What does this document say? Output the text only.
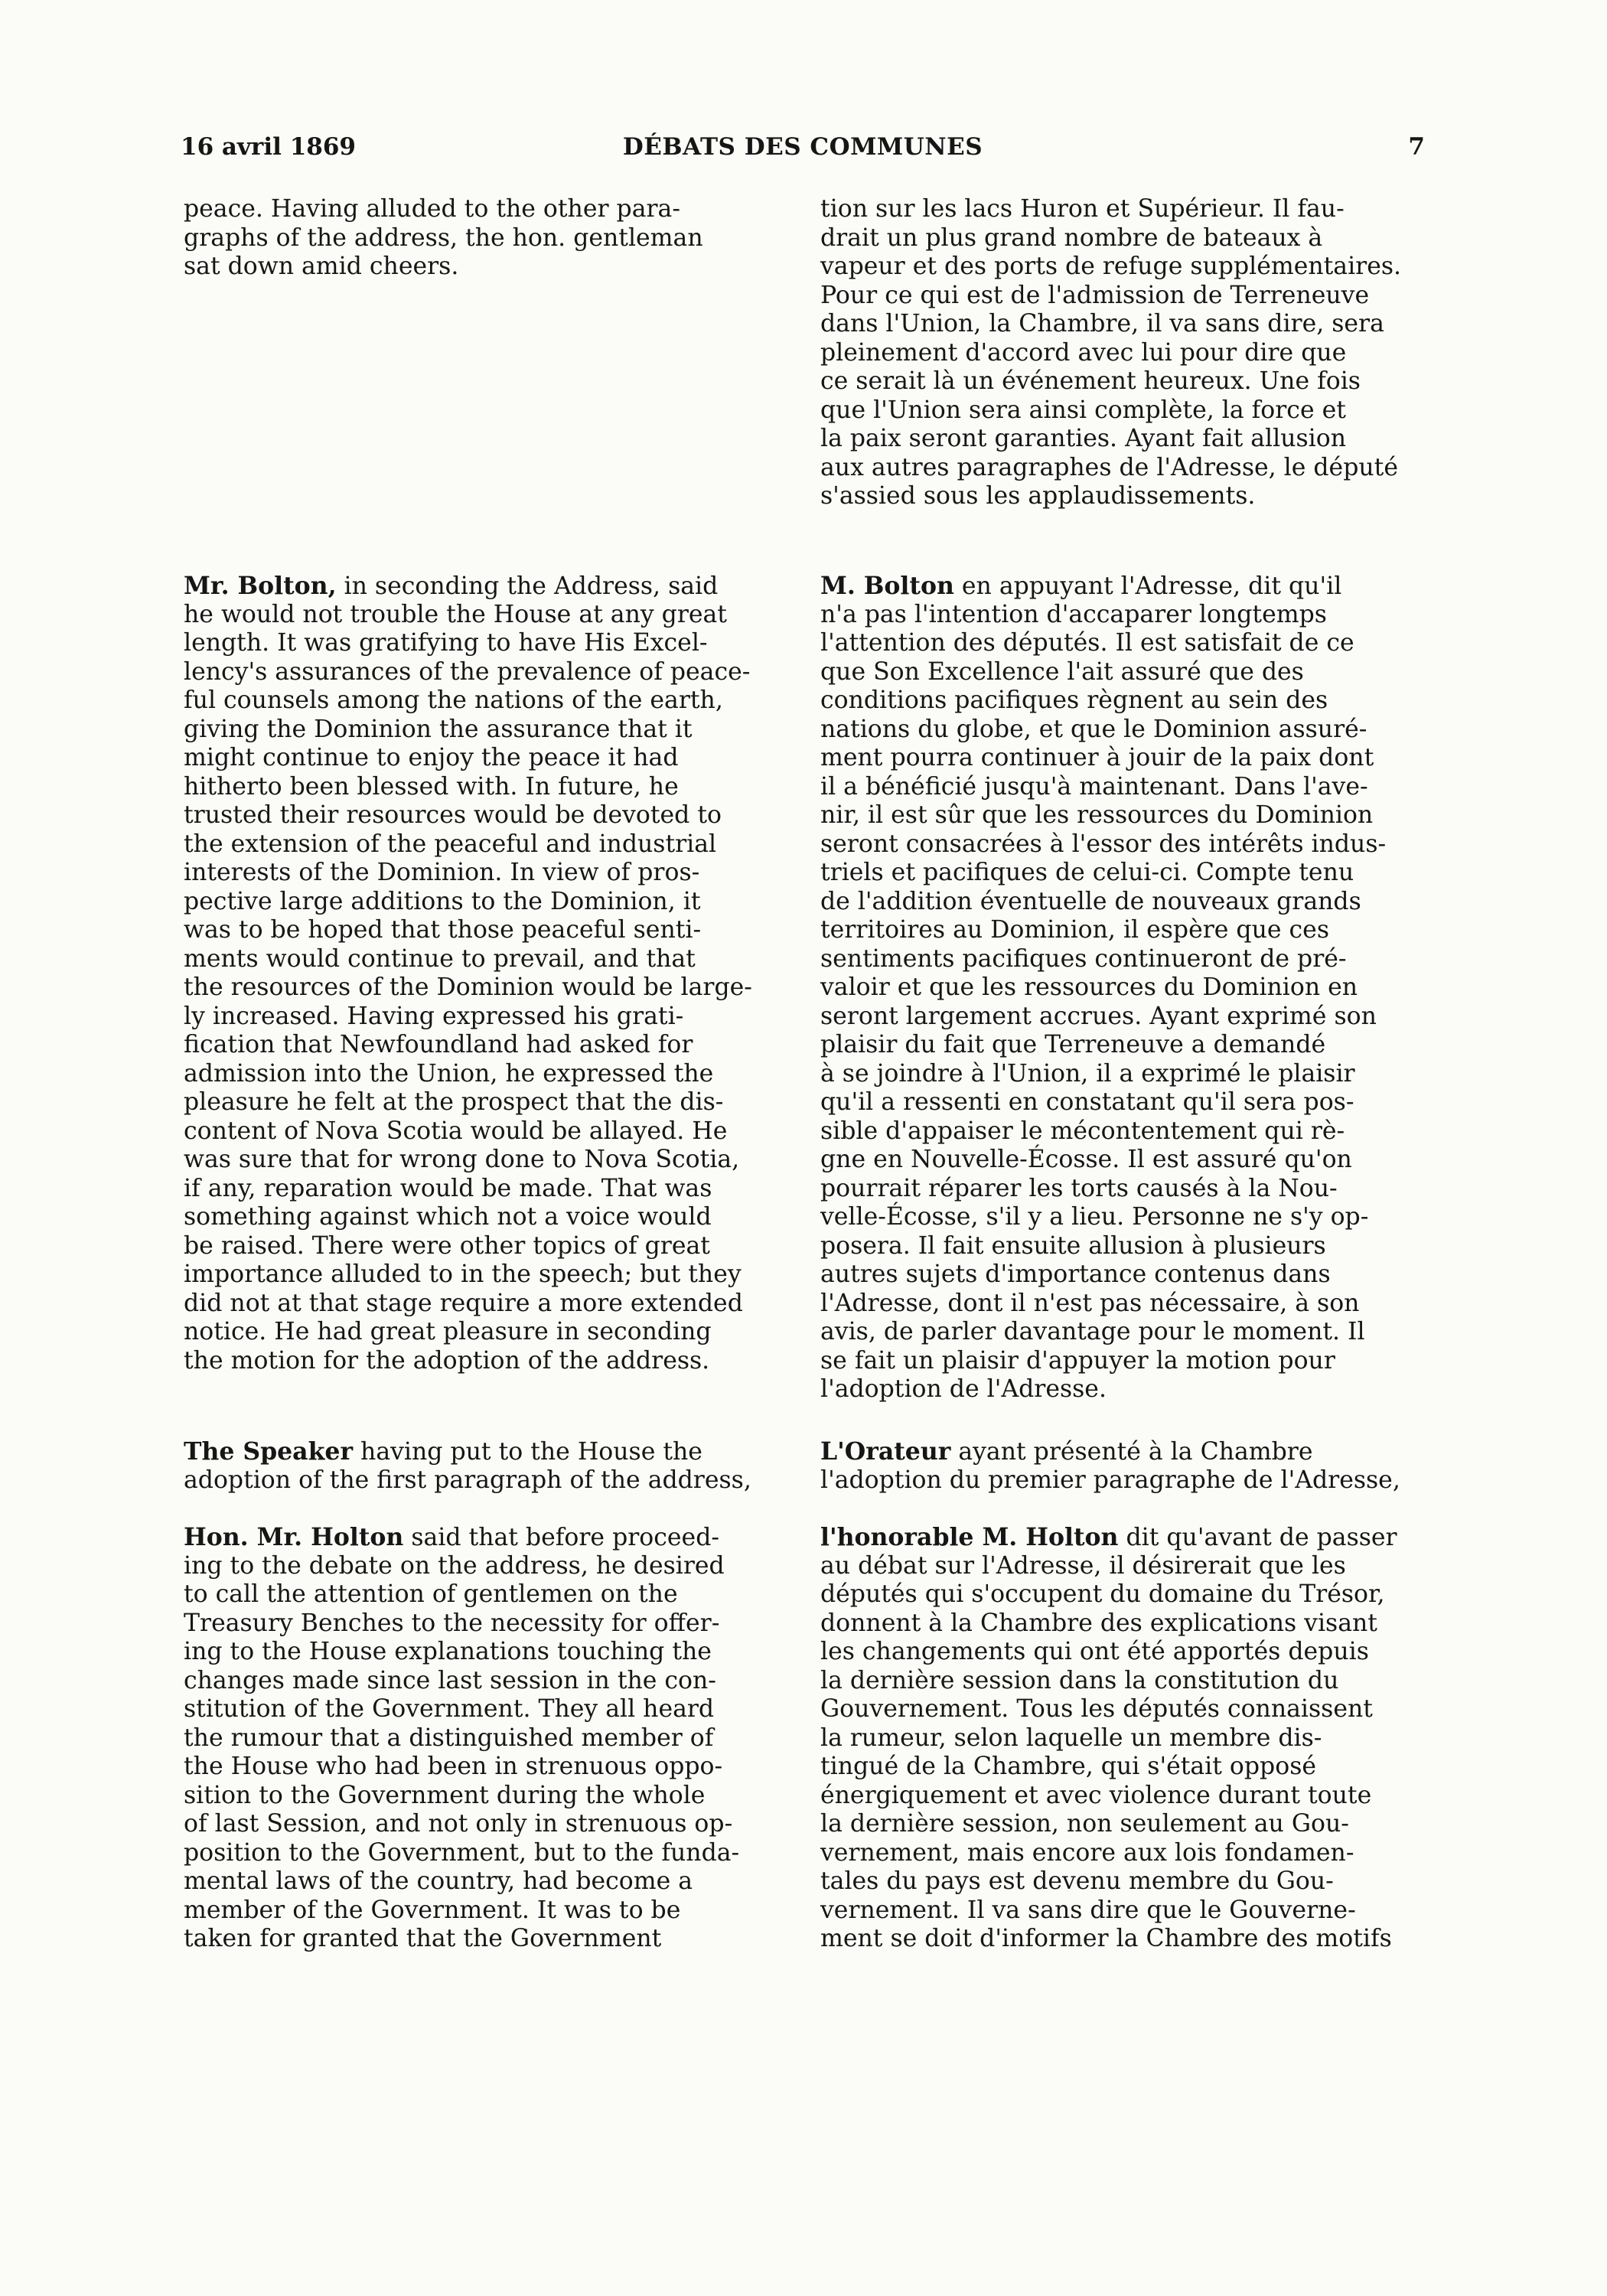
16 avril 1869	DÉBATS DES COMMUNES	7
peace. Having alluded to the other para-
graphs of the address, the hon. gentleman
sat down amid cheers.
tion sur les lacs Huron et Supérieur. Il fau-
drait un plus grand nombre de bateaux à
vapeur et des ports de refuge supplémentaires.
Pour ce qui est de l'admission de Terreneuve
dans l'Union, la Chambre, il va sans dire, sera
pleinement d'accord avec lui pour dire que
ce serait là un événement heureux. Une fois
que l'Union sera ainsi complète, la force et
la paix seront garanties. Ayant fait allusion
aux autres paragraphes de l'Adresse, le député
s'assied sous les applaudissements.
Mr. Bolton, in seconding the Address, said
he would not trouble the House at any great
length. It was gratifying to have His Excel-
lency's assurances of the prevalence of peace-
ful counsels among the nations of the earth,
giving the Dominion the assurance that it
might continue to enjoy the peace it had
hitherto been blessed with. In future, he
trusted their resources would be devoted to
the extension of the peaceful and industrial
interests of the Dominion. In view of pros-
pective large additions to the Dominion, it
was to be hoped that those peaceful senti-
ments would continue to prevail, and that
the resources of the Dominion would be large-
ly increased. Having expressed his grati-
fication that Newfoundland had asked for
admission into the Union, he expressed the
pleasure he felt at the prospect that the dis-
content of Nova Scotia would be allayed. He
was sure that for wrong done to Nova Scotia,
if any, reparation would be made. That was
something against which not a voice would
be raised. There were other topics of great
importance alluded to in the speech; but they
did not at that stage require a more extended
notice. He had great pleasure in seconding
the motion for the adoption of the address.
M. Bolton en appuyant l'Adresse, dit qu'il
n'a pas l'intention d'accaparer longtemps
l'attention des députés. Il est satisfait de ce
que Son Excellence l'ait assuré que des
conditions pacifiques règnent au sein des
nations du globe, et que le Dominion assuré-
ment pourra continuer à jouir de la paix dont
il a bénéficié jusqu'à maintenant. Dans l'ave-
nir, il est sûr que les ressources du Dominion
seront consacrées à l'essor des intérêts indus-
triels et pacifiques de celui-ci. Compte tenu
de l'addition éventuelle de nouveaux grands
territoires au Dominion, il espère que ces
sentiments pacifiques continueront de pré-
valoir et que les ressources du Dominion en
seront largement accrues. Ayant exprimé son
plaisir du fait que Terreneuve a demandé
à se joindre à l'Union, il a exprimé le plaisir
qu'il a ressenti en constatant qu'il sera pos-
sible d'appaiser le mécontentement qui rè-
gne en Nouvelle-Écosse. Il est assuré qu'on
pourrait réparer les torts causés à la Nou-
velle-Écosse, s'il y a lieu. Personne ne s'y op-
posera. Il fait ensuite allusion à plusieurs
autres sujets d'importance contenus dans
l'Adresse, dont il n'est pas nécessaire, à son
avis, de parler davantage pour le moment. Il
se fait un plaisir d'appuyer la motion pour
l'adoption de l'Adresse.
The Speaker having put to the House the
adoption of the first paragraph of the address,
L'Orateur ayant présenté à la Chambre
l'adoption du premier paragraphe de l'Adresse,
Hon. Mr. Holton said that before proceed-
ing to the debate on the address, he desired
to call the attention of gentlemen on the
Treasury Benches to the necessity for offer-
ing to the House explanations touching the
changes made since last session in the con-
stitution of the Government. They all heard
the rumour that a distinguished member of
the House who had been in strenuous oppo-
sition to the Government during the whole
of last Session, and not only in strenuous op-
position to the Government, but to the funda-
mental laws of the country, had become a
member of the Government. It was to be
taken for granted that the Government
l'honorable M. Holton dit qu'avant de passer
au débat sur l'Adresse, il désirerait que les
députés qui s'occupent du domaine du Trésor,
donnent à la Chambre des explications visant
les changements qui ont été apportés depuis
la dernière session dans la constitution du
Gouvernement. Tous les députés connaissent
la rumeur, selon laquelle un membre dis-
tingué de la Chambre, qui s'était opposé
énergiquement et avec violence durant toute
la dernière session, non seulement au Gou-
vernement, mais encore aux lois fondamen-
tales du pays est devenu membre du Gou-
vernement. Il va sans dire que le Gouverne-
ment se doit d'informer la Chambre des motifs
